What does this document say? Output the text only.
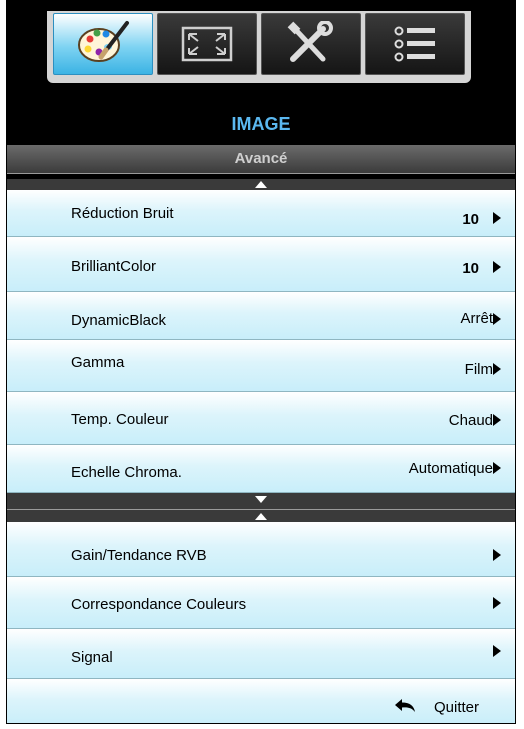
IMAGE
Avancé
Réduction Bruit	10
BrilliantColor	10
DynamicBlack	Arrêt
Gamma	Film
Temp. Couleur	Chaud
Echelle Chroma.	Automatique
Gain/Tendance RVB
Correspondance Couleurs
Signal
Quitter
